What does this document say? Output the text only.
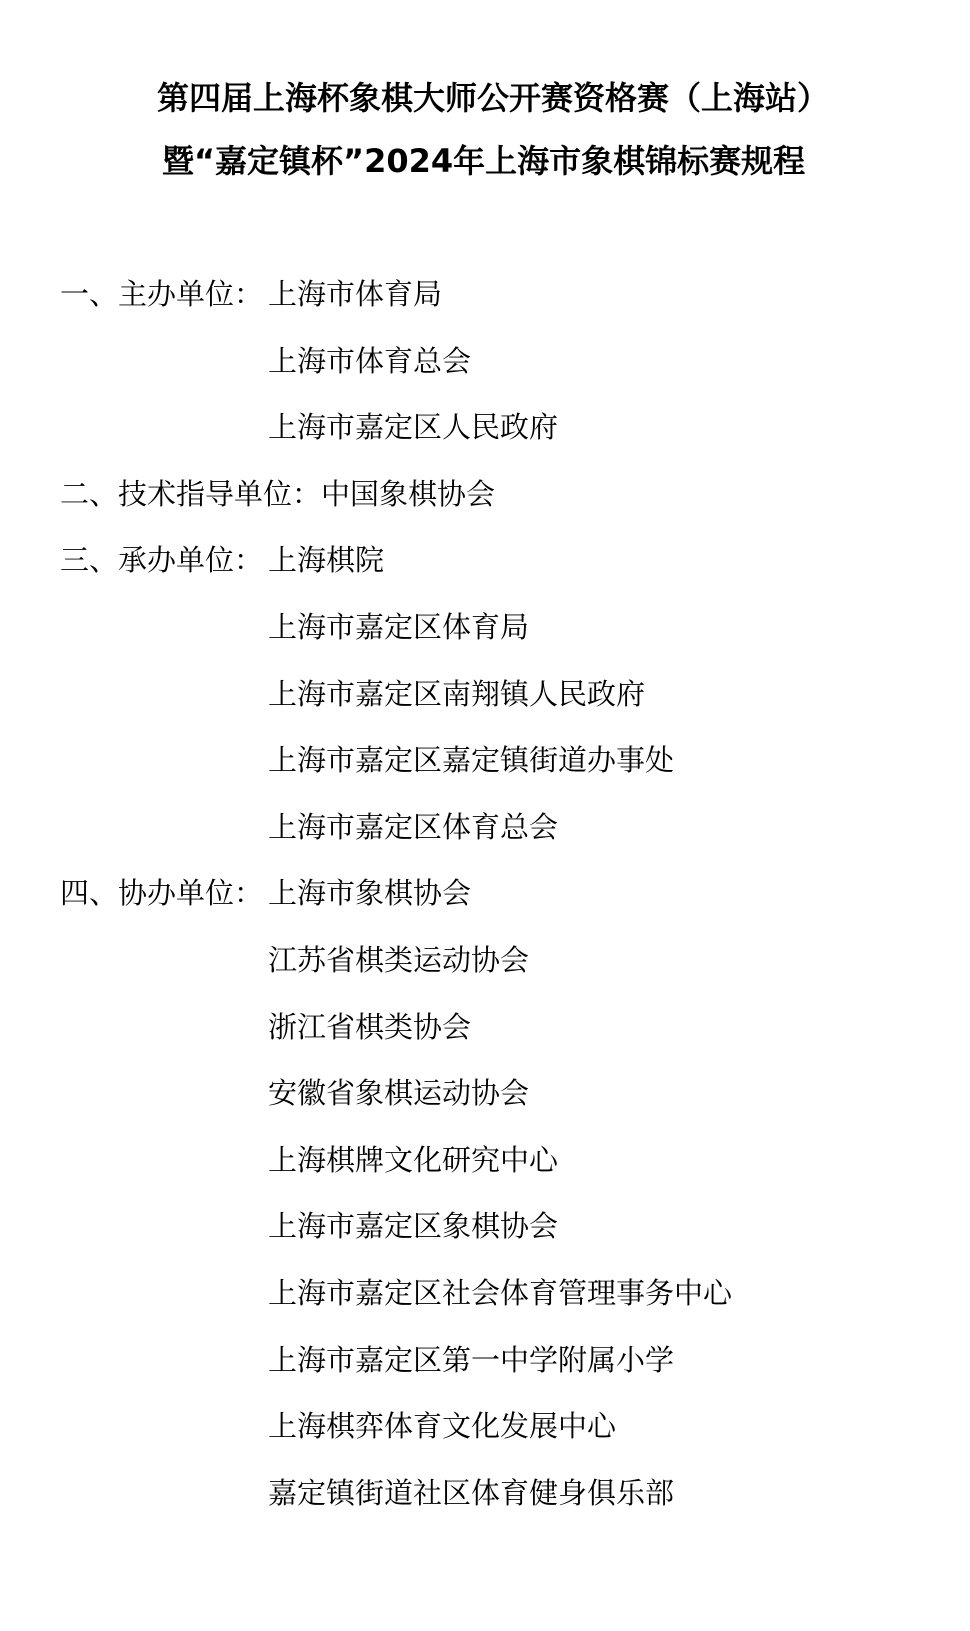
第四届上海杯象棋大师公开赛资格赛（上海站）
暨“嘉定镇杯”2024年上海市象棋锦标赛规程
一、主办单位： 上海市体育局
上海市体育总会
上海市嘉定区人民政府
二、技术指导单位：中国象棋协会
三、承办单位： 上海棋院
上海市嘉定区体育局
上海市嘉定区南翔镇人民政府
上海市嘉定区嘉定镇街道办事处
上海市嘉定区体育总会
四、协办单位： 上海市象棋协会
江苏省棋类运动协会
浙江省棋类协会
安徽省象棋运动协会
上海棋牌文化研究中心
上海市嘉定区象棋协会
上海市嘉定区社会体育管理事务中心
上海市嘉定区第一中学附属小学
上海棋弈体育文化发展中心
嘉定镇街道社区体育健身俱乐部
